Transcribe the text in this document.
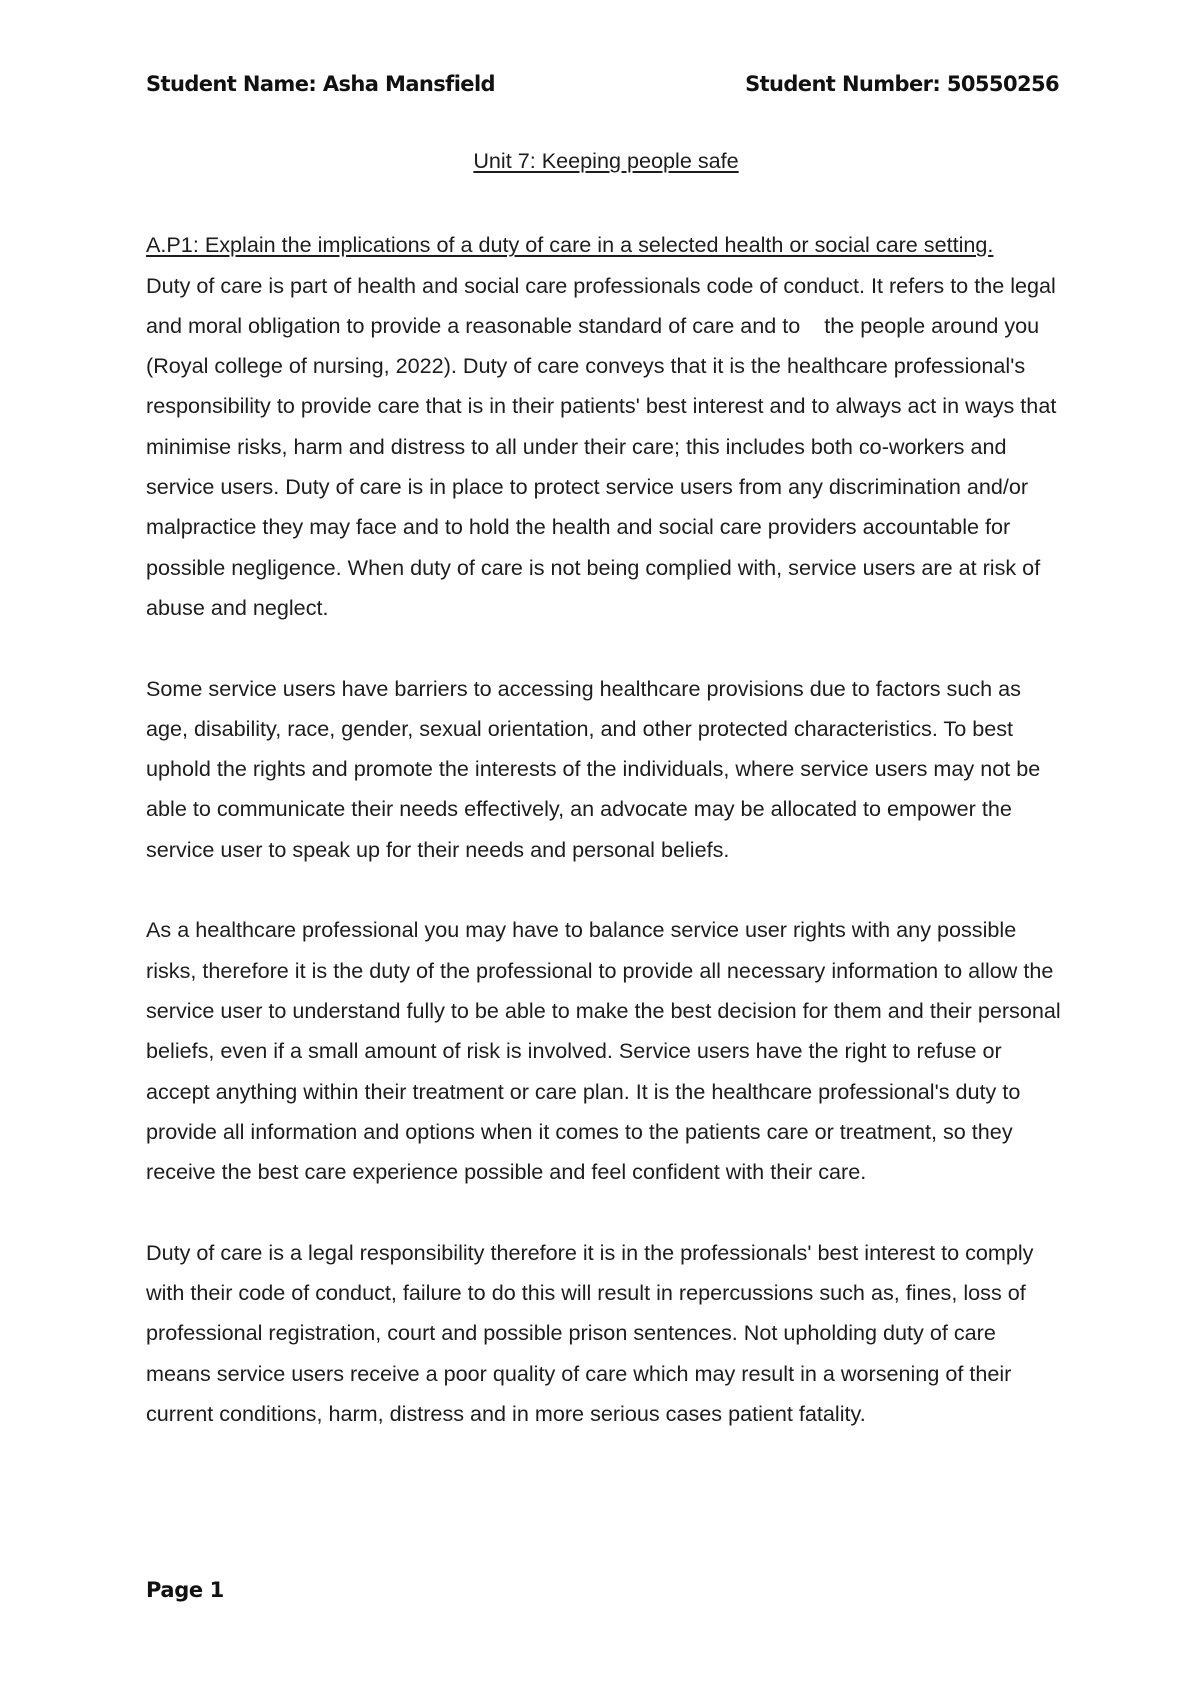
Student Name: Asha Mansfield	Student Number: 50550256

Unit 7: Keeping people safe

A.P1: Explain the implications of a duty of care in a selected health or social care setting.

Duty of care is part of health and social care professionals code of conduct. It refers to the legal and moral obligation to provide a reasonable standard of care and to    the people around you (Royal college of nursing, 2022). Duty of care conveys that it is the healthcare professional's responsibility to provide care that is in their patients' best interest and to always act in ways that minimise risks, harm and distress to all under their care; this includes both co-workers and service users. Duty of care is in place to protect service users from any discrimination and/or malpractice they may face and to hold the health and social care providers accountable for possible negligence. When duty of care is not being complied with, service users are at risk of abuse and neglect.

Some service users have barriers to accessing healthcare provisions due to factors such as age, disability, race, gender, sexual orientation, and other protected characteristics. To best uphold the rights and promote the interests of the individuals, where service users may not be able to communicate their needs effectively, an advocate may be allocated to empower the service user to speak up for their needs and personal beliefs.

As a healthcare professional you may have to balance service user rights with any possible risks, therefore it is the duty of the professional to provide all necessary information to allow the service user to understand fully to be able to make the best decision for them and their personal beliefs, even if a small amount of risk is involved. Service users have the right to refuse or accept anything within their treatment or care plan. It is the healthcare professional's duty to provide all information and options when it comes to the patients care or treatment, so they receive the best care experience possible and feel confident with their care.

Duty of care is a legal responsibility therefore it is in the professionals' best interest to comply with their code of conduct, failure to do this will result in repercussions such as, fines, loss of professional registration, court and possible prison sentences. Not upholding duty of care means service users receive a poor quality of care which may result in a worsening of their current conditions, harm, distress and in more serious cases patient fatality.

Page 1
